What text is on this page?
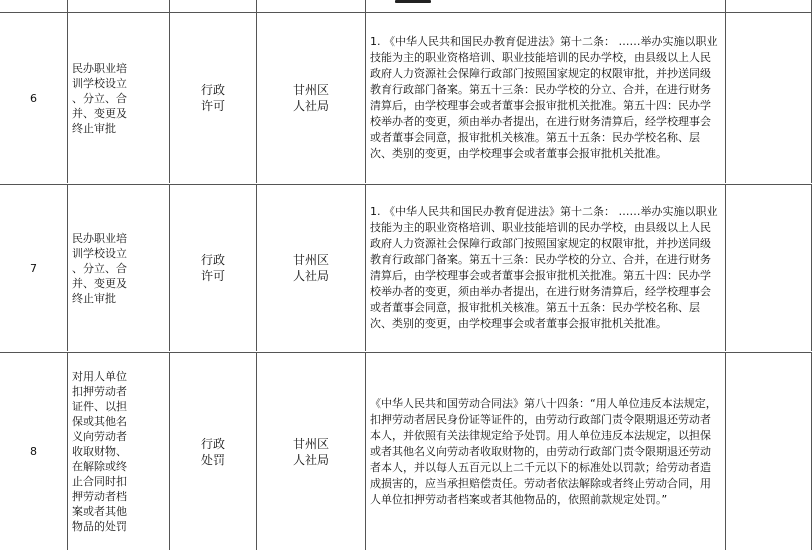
6
民办职业培
训学校设立
、分立、合
并、变更及
终止审批
行政
许可
甘州区
人社局
1. 《中华人民共和国民办教育促进法》第十二条： ……举办实施以职业技能为主的职业资格培训、职业技能培训的民办学校，由县级以上人民政府人力资源社会保障行政部门按照国家规定的权限审批，并抄送同级教育行政部门备案。第五十三条：民办学校的分立、合并，在进行财务清算后，由学校理事会或者董事会报审批机关批准。第五十四：民办学校举办者的变更，须由举办者提出，在进行财务清算后，经学校理事会或者董事会同意，报审批机关核准。第五十五条：民办学校名称、层次、类别的变更，由学校理事会或者董事会报审批机关批准。
7
民办职业培
训学校设立
、分立、合
并、变更及
终止审批
行政
许可
甘州区
人社局
1. 《中华人民共和国民办教育促进法》第十二条： ……举办实施以职业技能为主的职业资格培训、职业技能培训的民办学校，由县级以上人民政府人力资源社会保障行政部门按照国家规定的权限审批，并抄送同级教育行政部门备案。第五十三条：民办学校的分立、合并，在进行财务清算后，由学校理事会或者董事会报审批机关批准。第五十四：民办学校举办者的变更，须由举办者提出，在进行财务清算后，经学校理事会或者董事会同意，报审批机关核准。第五十五条：民办学校名称、层次、类别的变更，由学校理事会或者董事会报审批机关批准。
8
对用人单位
扣押劳动者
证件、以担
保或其他名
义向劳动者
收取财物、
在解除或终
止合同时扣
押劳动者档
案或者其他
物品的处罚
行政
处罚
甘州区
人社局
《中华人民共和国劳动合同法》第八十四条：“用人单位违反本法规定，扣押劳动者居民身份证等证件的，由劳动行政部门责令限期退还劳动者本人，并依照有关法律规定给予处罚。用人单位违反本法规定，以担保或者其他名义向劳动者收取财物的，由劳动行政部门责令限期退还劳动者本人，并以每人五百元以上二千元以下的标准处以罚款；给劳动者造成损害的，应当承担赔偿责任。劳动者依法解除或者终止劳动合同，用人单位扣押劳动者档案或者其他物品的，依照前款规定处罚。”
